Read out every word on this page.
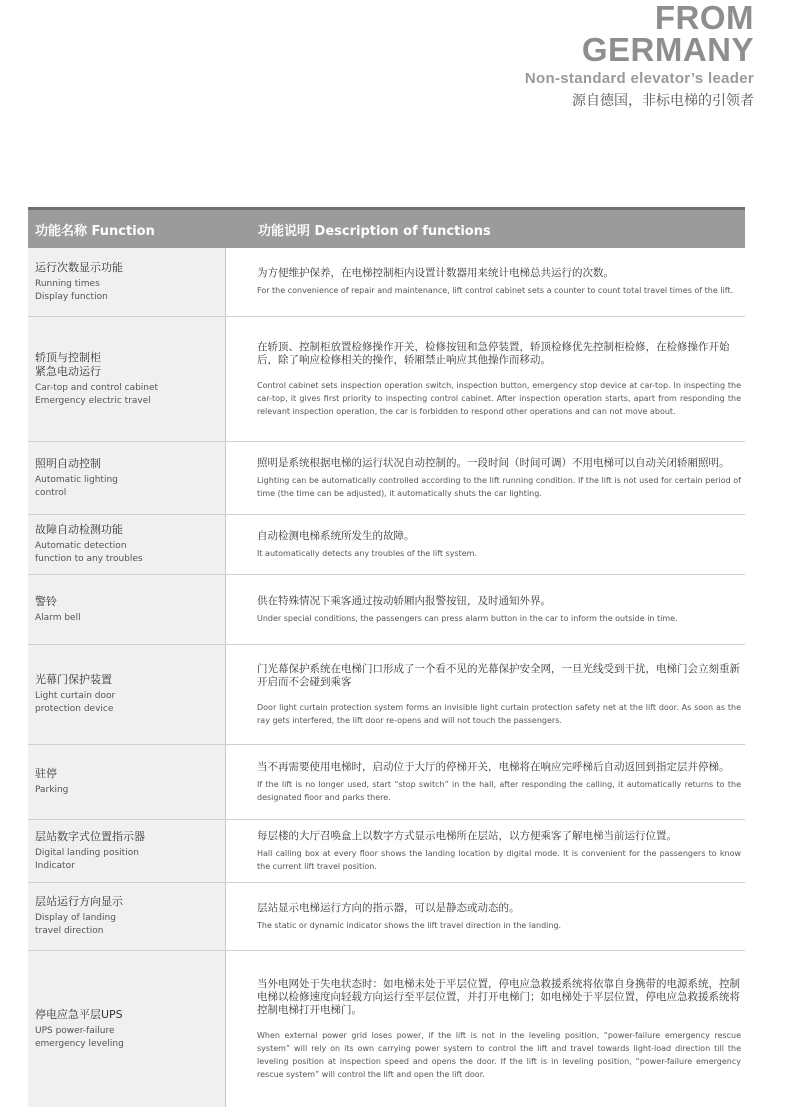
FROM
GERMANY
Non-standard elevator’s leader
源自德国，非标电梯的引领者
功能名称 Function	功能说明 Description of functions
运行次数显示功能
Running times
Display function
为方便维护保养，在电梯控制柜内设置计数器用来统计电梯总共运行的次数。
For the convenience of repair and maintenance, lift control cabinet sets a counter to count total travel times of the lift.
轿顶与控制柜
紧急电动运行
Car-top and control cabinet
Emergency electric travel
在轿顶、控制柜放置检修操作开关，检修按钮和急停装置，轿顶检修优先控制柜检修，在检修操作开始后，除了响应检修相关的操作，轿厢禁止响应其他操作而移动。
Control cabinet sets inspection operation switch, inspection button, emergency stop device at car-top. In inspecting the car-top, it gives first priority to inspecting control cabinet. After inspection operation starts, apart from responding the relevant inspection operation, the car is forbidden to respond other operations and can not move about.
照明自动控制
Automatic lighting
control
照明是系统根据电梯的运行状况自动控制的。一段时间（时间可调）不用电梯可以自动关闭轿厢照明。
Lighting can be automatically controlled according to the lift running condition. If the lift is not used for certain period of time (the time can be adjusted), it automatically shuts the car lighting.
故障自动检测功能
Automatic detection
function to any troubles
自动检测电梯系统所发生的故障。
It automatically detects any troubles of the lift system.
警铃
Alarm bell
供在特殊情况下乘客通过按动轿厢内报警按钮，及时通知外界。
Under special conditions, the passengers can press alarm button in the car to inform the outside in time.
光幕门保护装置
Light curtain door
protection device
门光幕保护系统在电梯门口形成了一个看不见的光幕保护安全网，一旦光线受到干扰，电梯门会立刻重新开启而不会碰到乘客
Door light curtain protection system forms an invisible light curtain protection safety net at the lift door. As soon as the ray gets interfered, the lift door re-opens and will not touch the passengers.
驻停
Parking
当不再需要使用电梯时，启动位于大厅的停梯开关，电梯将在响应完呼梯后自动返回到指定层并停梯。
If the lift is no longer used, start “stop switch” in the hall, after responding the calling, it automatically returns to the designated floor and parks there.
层站数字式位置指示器
Digital landing position
Indicator
每层楼的大厅召唤盒上以数字方式显示电梯所在层站，以方便乘客了解电梯当前运行位置。
Hall calling box at every floor shows the landing location by digital mode. It is convenient for the passengers to know the current lift travel position.
层站运行方向显示
Display of landing
travel direction
层站显示电梯运行方向的指示器，可以是静态或动态的。
The static or dynamic indicator shows the lift travel direction in the landing.
停电应急平层UPS
UPS power-failure
emergency leveling
当外电网处于失电状态时：如电梯未处于平层位置，停电应急救援系统将依靠自身携带的电源系统，控制电梯以检修速度向轻载方向运行至平层位置，并打开电梯门；如电梯处于平层位置，停电应急救援系统将控制电梯打开电梯门。
When external power grid loses power, if the lift is not in the leveling position, “power-failure emergency rescue system” will rely on its own carrying power system to control the lift and travel towards light-load direction till the leveling position at inspection speed and opens the door. If the lift is in leveling position, “power-failure emergency rescue system” will control the lift and open the lift door.
